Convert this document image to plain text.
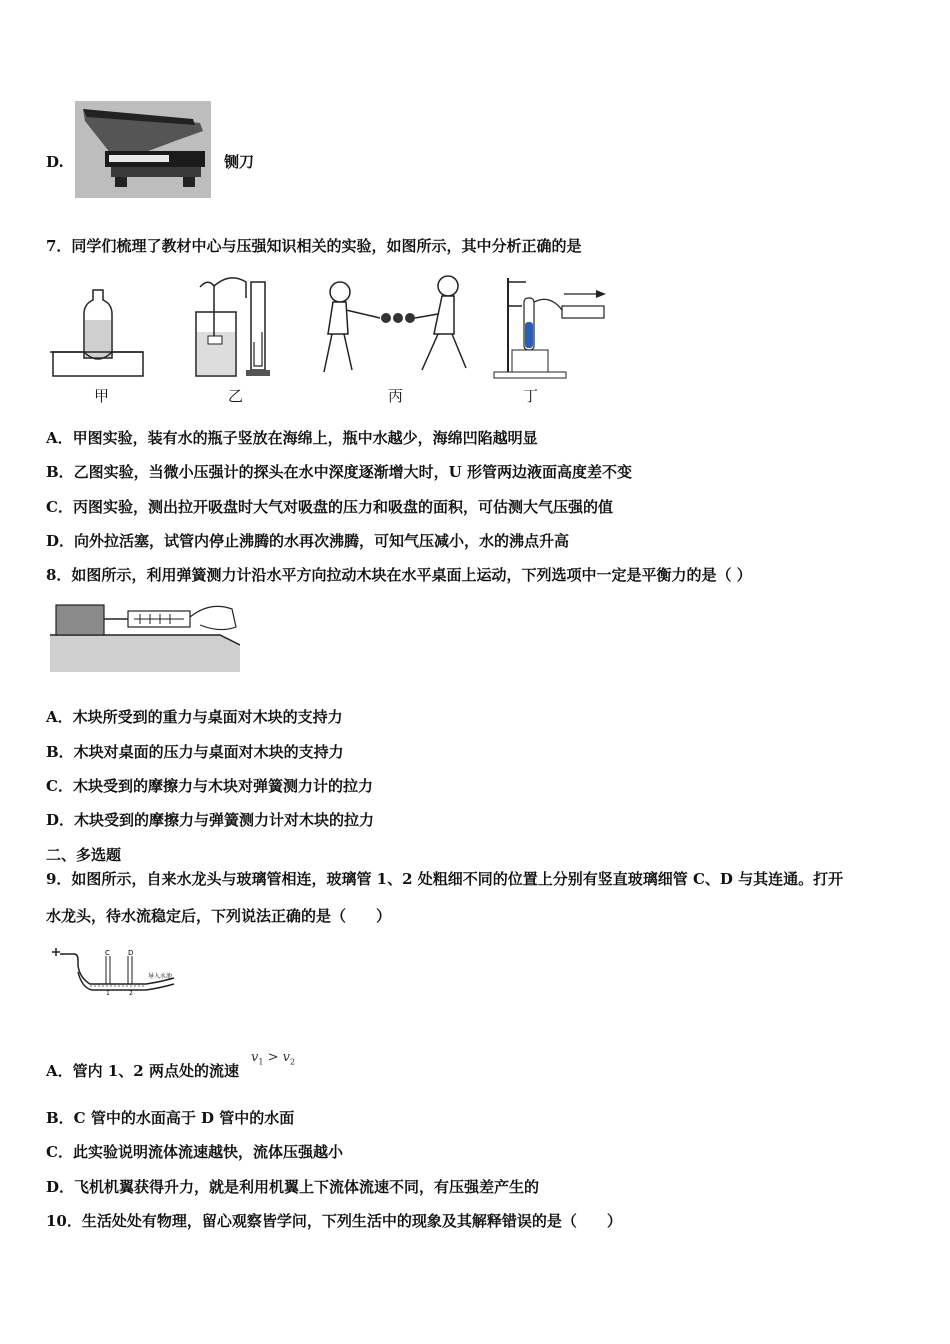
D.	铡刀
7．同学们梳理了教材中心与压强知识相关的实验，如图所示，其中分析正确的是
甲	乙	丙	丁
A．甲图实验，装有水的瓶子竖放在海绵上，瓶中水越少，海绵凹陷越明显
B．乙图实验，当微小压强计的探头在水中深度逐渐增大时，U 形管两边液面高度差不变
C．丙图实验，测出拉开吸盘时大气对吸盘的压力和吸盘的面积，可估测大气压强的值
D．向外拉活塞，试管内停止沸腾的水再次沸腾，可知气压减小，水的沸点升高
8．如图所示，利用弹簧测力计沿水平方向拉动木块在水平桌面上运动，下列选项中一定是平衡力的是（ ）
A．木块所受到的重力与桌面对木块的支持力
B．木块对桌面的压力与桌面对木块的支持力
C．木块受到的摩擦力与木块对弹簧测力计的拉力
D．木块受到的摩擦力与弹簧测力计对木块的拉力
二、多选题
9．如图所示，自来水龙头与玻璃管相连，玻璃管 1、2 处粗细不同的位置上分别有竖直玻璃细管 C、D 与其连通。打开
水龙头，待水流稳定后，下列说法正确的是（　　）
C	D
1	2
导入水池
A．管内 1、2 两点处的流速
$v_1 > v_2$
B．C 管中的水面高于 D 管中的水面
C．此实验说明流体流速越快，流体压强越小
D．飞机机翼获得升力，就是利用机翼上下流体流速不同，有压强差产生的
10．生活处处有物理，留心观察皆学问，下列生活中的现象及其解释错误的是（　　）
